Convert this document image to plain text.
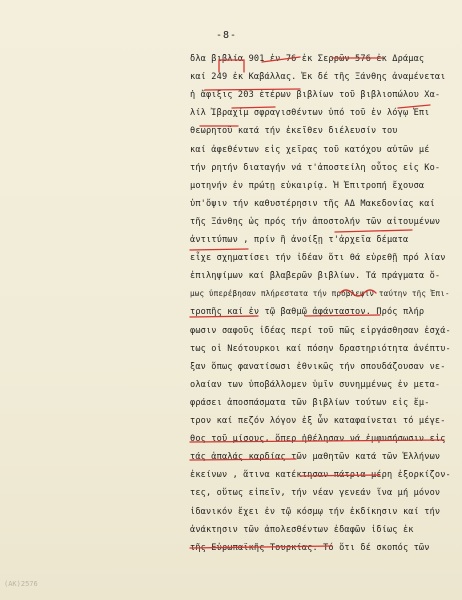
-8-
δλα βιβλία 901 ἐν 76 ἐκ Σερρῶν 576 ἐκ Δράμας
καί 249 ἐκ Καβάλλας. Ἐκ δέ τῆς Ξάνθης ἀναμένεται
ἡ ἄφιξις 203 ἑτέρων βιβλίων τοῦ βιβλιοπώλου Χα-
λίλ Ἰβραχίμ σφραγισθέντων ὑπό τοῦ ἐν λόγῳ Ἐπι
θεωρητοῦ κατά τήν ἐκεῖθεν διέλευσίν του
καί ἀφεθέντων εἰς χεῖρας τοῦ κατόχου αὐτῶν μέ
τήν ρητήν διαταγήν νά τ'ἀποστείλη οὗτος εἰς Κο-
μοτηνήν ἐν πρώτῃ εὐκαιρίᾳ. Ἡ Ἐπιτροπή ἔχουσα
ὑπ'ὄψιν τήν καθυστέρησιν τῆς ΑΔ Μακεδονίας καί
τῆς Ξάνθης ὡς πρός τήν ἀποστολήν τῶν αἰτουμένων
ἀντιτύπων , πρίν ἢ ἀνοίξῃ τ'ἀρχεῖα δέματα
εἶχε σχηματίσει τήν ἰδέαν ὅτι θά εὑρεθῇ πρό λίαν
ἐπιληψίμων καί βλαβερῶν βιβλίων. Τά πράγματα ὅ-
μως ὑπερέβησαν πλήρεστατα τήν πρόβλεψιν ταύτην τῆς Ἐπι-
τροπῆς καί ἐν τῷ βαθμῷ ἀφάνταστον. Πρός πλήρ
φωσιν σαφοῦς ἰδέας περί τοῦ πῶς εἰργάσθησαν ἐσχά-
τως οἱ Νεότουρκοι καί πόσην δραστηριότητα ἀνέπτυ-
ξαν ὅπως φανατίσωσι ἐθνικῶς τήν σπουδάζουσαν νε-
ολαίαν των ὑποβάλλομεν ὑμῖν συνημμένως ἐν μετα-
φράσει ἀποσπάσματα τῶν βιβλίων τούτων εἰς ἕμ-
τρον καί πεζόν λόγον ἐξ ὧν καταφαίνεται τό μέγε-
θος τοῦ μίσους, ὅπερ ἠθέλησαν νά ἐμφυσήσωσιν εἰς
τάς ἁπαλάς καρδίας τῶν μαθητῶν κατά τῶν Ἑλλήνων
ἐκείνων , ἅτινα κατέκτησαν πάτρια μέρη ἐξορκίζον-
τες, οὕτως εἰπεῖν, τήν νέαν γενεάν ἵνα μή μόνον
ἰδανικόν ἔχει ἐν τῷ κόσμῳ τήν ἐκδίκησιν καί τήν
ἀνάκτησιν τῶν ἀπολεσθέντων ἐδαφῶν ἰδίως ἐκ
τῆς Εὐρωπαϊκῆς Τουρκίας. Τό ὅτι δέ σκοπός τῶν
(ΑΚ)2576
